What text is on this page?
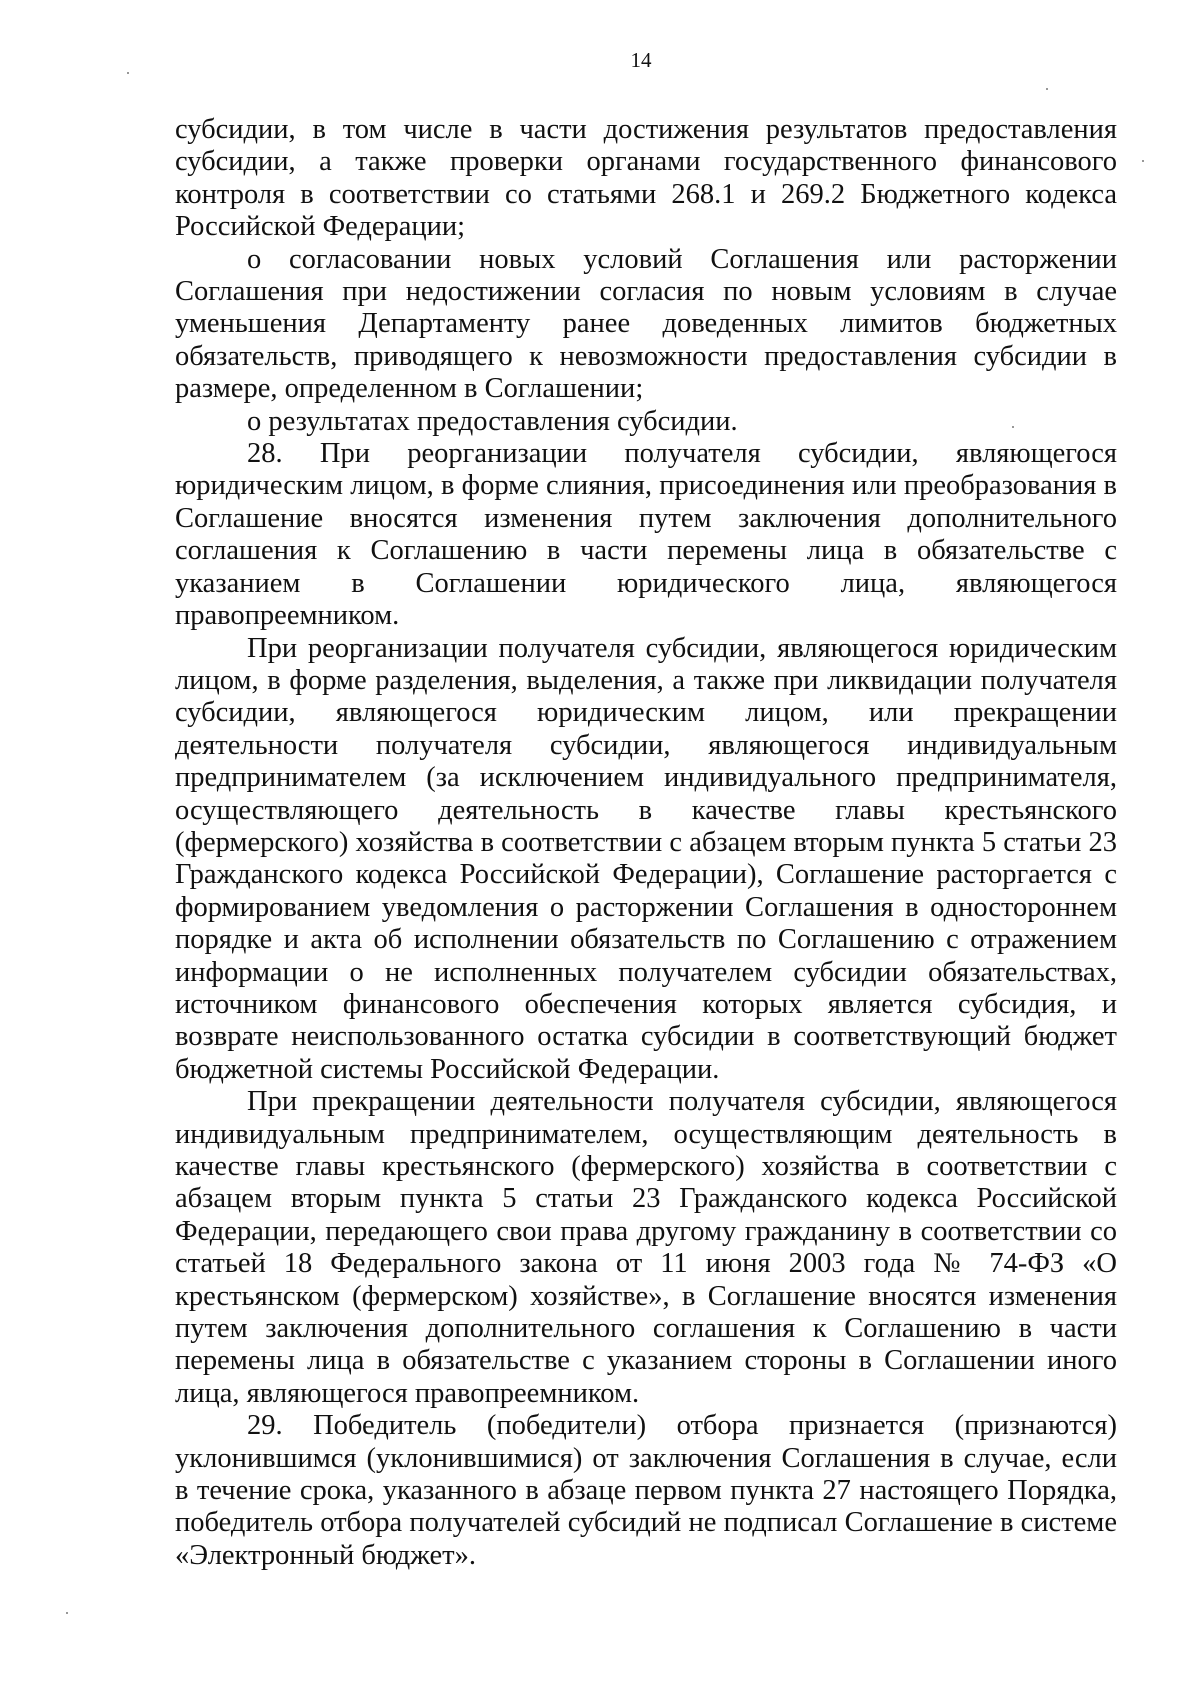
14

субсидии, в том числе в части достижения результатов предоставления субсидии, а также проверки органами государственного финансового контроля в соответствии со статьями 268.1 и 269.2 Бюджетного кодекса Российской Федерации;

о согласовании новых условий Соглашения или расторжении Соглашения при недостижении согласия по новым условиям в случае уменьшения Департаменту ранее доведенных лимитов бюджетных обязательств, приводящего к невозможности предоставления субсидии в размере, определенном в Соглашении;

о результатах предоставления субсидии.

28. При реорганизации получателя субсидии, являющегося юридическим лицом, в форме слияния, присоединения или преобразования в Соглашение вносятся изменения путем заключения дополнительного соглашения к Соглашению в части перемены лица в обязательстве с указанием в Соглашении юридического лица, являющегося правопреемником.

При реорганизации получателя субсидии, являющегося юридическим лицом, в форме разделения, выделения, а также при ликвидации получателя субсидии, являющегося юридическим лицом, или прекращении деятельности получателя субсидии, являющегося индивидуальным предпринимателем (за исключением индивидуального предпринимателя, осуществляющего деятельность в качестве главы крестьянского (фермерского) хозяйства в соответствии с абзацем вторым пункта 5 статьи 23 Гражданского кодекса Российской Федерации), Соглашение расторгается с формированием уведомления о расторжении Соглашения в одностороннем порядке и акта об исполнении обязательств по Соглашению с отражением информации о не исполненных получателем субсидии обязательствах, источником финансового обеспечения которых является субсидия, и возврате неиспользованного остатка субсидии в соответствующий бюджет бюджетной системы Российской Федерации.

При прекращении деятельности получателя субсидии, являющегося индивидуальным предпринимателем, осуществляющим деятельность в качестве главы крестьянского (фермерского) хозяйства в соответствии с абзацем вторым пункта 5 статьи 23 Гражданского кодекса Российской Федерации, передающего свои права другому гражданину в соответствии со статьей 18 Федерального закона от 11 июня 2003 года № 74-ФЗ «О крестьянском (фермерском) хозяйстве», в Соглашение вносятся изменения путем заключения дополнительного соглашения к Соглашению в части перемены лица в обязательстве с указанием стороны в Соглашении иного лица, являющегося правопреемником.

29. Победитель (победители) отбора признается (признаются) уклонившимся (уклонившимися) от заключения Соглашения в случае, если в течение срока, указанного в абзаце первом пункта 27 настоящего Порядка, победитель отбора получателей субсидий не подписал Соглашение в системе «Электронный бюджет».
